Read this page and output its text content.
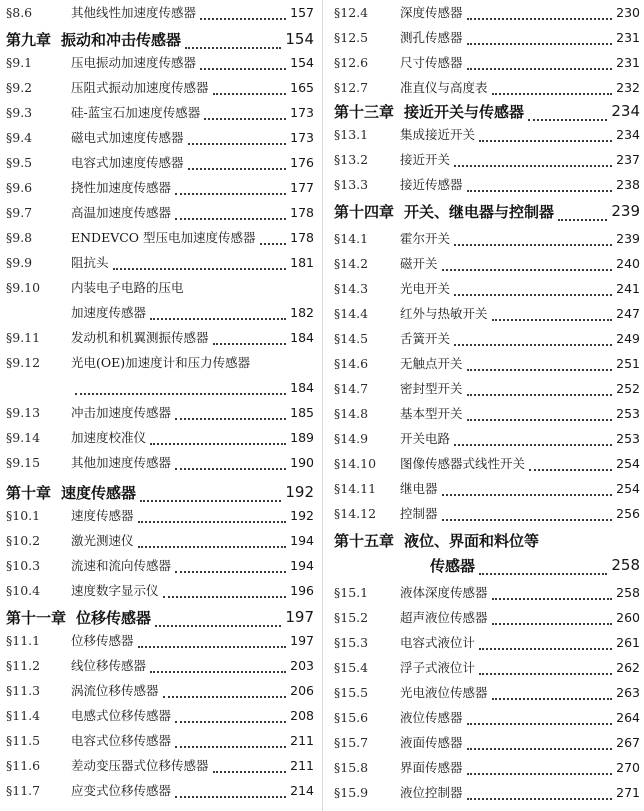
§8.6	其他线性加速度传感器	157
第九章 振动和冲击传感器	154
§9.1	压电振动加速度传感器	154
§9.2	压阻式振动加速度传感器	165
§9.3	硅-蓝宝石加速度传感器	173
§9.4	磁电式加速度传感器	173
§9.5	电容式加速度传感器	176
§9.6	挠性加速度传感器	177
§9.7	高温加速度传感器	178
§9.8	ENDEVCO 型压电加速度传感器	178
§9.9	阻抗头	181
§9.10	内装电子电路的压电
加速度传感器	182
§9.11	发动机和机翼测振传感器	184
§9.12	光电(OE)加速度计和压力传感器
184
§9.13	冲击加速度传感器	185
§9.14	加速度校准仪	189
§9.15	其他加速度传感器	190
第十章 速度传感器	192
§10.1	速度传感器	192
§10.2	激光测速仪	194
§10.3	流速和流向传感器	194
§10.4	速度数字显示仪	196
第十一章 位移传感器	197
§11.1	位移传感器	197
§11.2	线位移传感器	203
§11.3	涡流位移传感器	206
§11.4	电感式位移传感器	208
§11.5	电容式位移传感器	211
§11.6	差动变压器式位移传感器	211
§11.7	应变式位移传感器	214
§12.4	深度传感器	230
§12.5	测孔传感器	231
§12.6	尺寸传感器	231
§12.7	准直仪与高度表	232
第十三章 接近开关与传感器	234
§13.1	集成接近开关	234
§13.2	接近开关	237
§13.3	接近传感器	238
第十四章 开关、继电器与控制器	239
§14.1	霍尔开关	239
§14.2	磁开关	240
§14.3	光电开关	241
§14.4	红外与热敏开关	247
§14.5	舌簧开关	249
§14.6	无触点开关	251
§14.7	密封型开关	252
§14.8	基本型开关	253
§14.9	开关电路	253
§14.10	图像传感器式线性开关	254
§14.11	继电器	254
§14.12	控制器	256
第十五章 液位、界面和料位等
传感器	258
§15.1	液体深度传感器	258
§15.2	超声液位传感器	260
§15.3	电容式液位计	261
§15.4	浮子式液位计	262
§15.5	光电液位传感器	263
§15.6	液位传感器	264
§15.7	液面传感器	267
§15.8	界面传感器	270
§15.9	液位控制器	271
